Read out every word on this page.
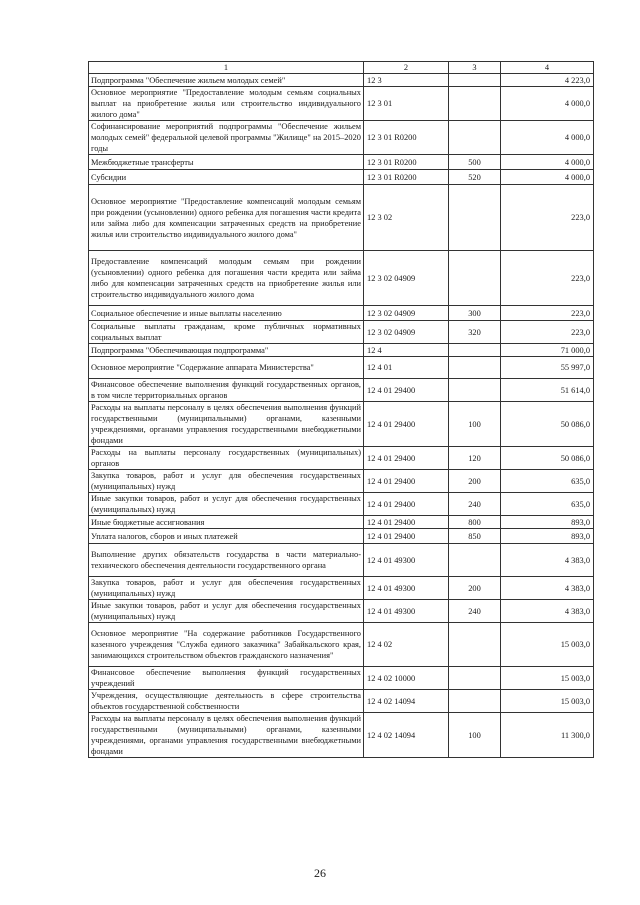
1	2	3	4
Подпрограмма "Обеспечение жильем молодых семей"	12 3		4 223,0
Основное мероприятие "Предоставление молодым семьям социальных выплат на приобретение жилья или строительство индивидуального жилого дома"	12 3 01		4 000,0
Софинансирование мероприятий подпрограммы "Обеспечение жильем молодых семей" федеральной целевой программы "Жилище" на 2015–2020 годы	12 3 01 R0200		4 000,0
Межбюджетные трансферты	12 3 01 R0200	500	4 000,0
Субсидии	12 3 01 R0200	520	4 000,0
Основное мероприятие "Предоставление компенсаций молодым семьям при рождении (усыновлении) одного ребенка для погашения части кредита или займа либо для компенсации затраченных средств на приобретение жилья или строительство индивидуального жилого дома"	12 3 02		223,0
Предоставление компенсаций молодым семьям при рождении (усыновлении) одного ребенка для погашения части кредита или займа либо для компенсации затраченных средств на приобретение жилья или строительство индивидуального жилого дома	12 3 02 04909		223,0
Социальное обеспечение и иные выплаты населению	12 3 02 04909	300	223,0
Социальные выплаты гражданам, кроме публичных нормативных социальных выплат	12 3 02 04909	320	223,0
Подпрограмма "Обеспечивающая подпрограмма"	12 4		71 000,0
Основное мероприятие "Содержание аппарата Министерства"	12 4 01		55 997,0
Финансовое обеспечение выполнения функций государственных органов, в том числе территориальных органов	12 4 01 29400		51 614,0
Расходы на выплаты персоналу в целях обеспечения выполнения функций государственными (муниципальными) органами, казенными учреждениями, органами управления государственными внебюджетными фондами	12 4 01 29400	100	50 086,0
Расходы на выплаты персоналу государственных (муниципальных) органов	12 4 01 29400	120	50 086,0
Закупка товаров, работ и услуг для обеспечения государственных (муниципальных) нужд	12 4 01 29400	200	635,0
Иные закупки товаров, работ и услуг для обеспечения государственных (муниципальных) нужд	12 4 01 29400	240	635,0
Иные бюджетные ассигнования	12 4 01 29400	800	893,0
Уплата налогов, сборов и иных платежей	12 4 01 29400	850	893,0
Выполнение других обязательств государства в части материально-технического обеспечения деятельности государственного органа	12 4 01 49300		4 383,0
Закупка товаров, работ и услуг для обеспечения государственных (муниципальных) нужд	12 4 01 49300	200	4 383,0
Иные закупки товаров, работ и услуг для обеспечения государственных (муниципальных) нужд	12 4 01 49300	240	4 383,0
Основное мероприятие "На содержание работников Государственного казенного учреждения "Служба единого заказчика" Забайкальского края, занимающихся строительством объектов гражданского назначения"	12 4 02		15 003,0
Финансовое обеспечение выполнения функций государственных учреждений	12 4 02 10000		15 003,0
Учреждения, осуществляющие деятельность в сфере строительства объектов государственной собственности	12 4 02 14094		15 003,0
Расходы на выплаты персоналу в целях обеспечения выполнения функций государственными (муниципальными) органами, казенными учреждениями, органами управления государственными внебюджетными фондами	12 4 02 14094	100	11 300,0
26
